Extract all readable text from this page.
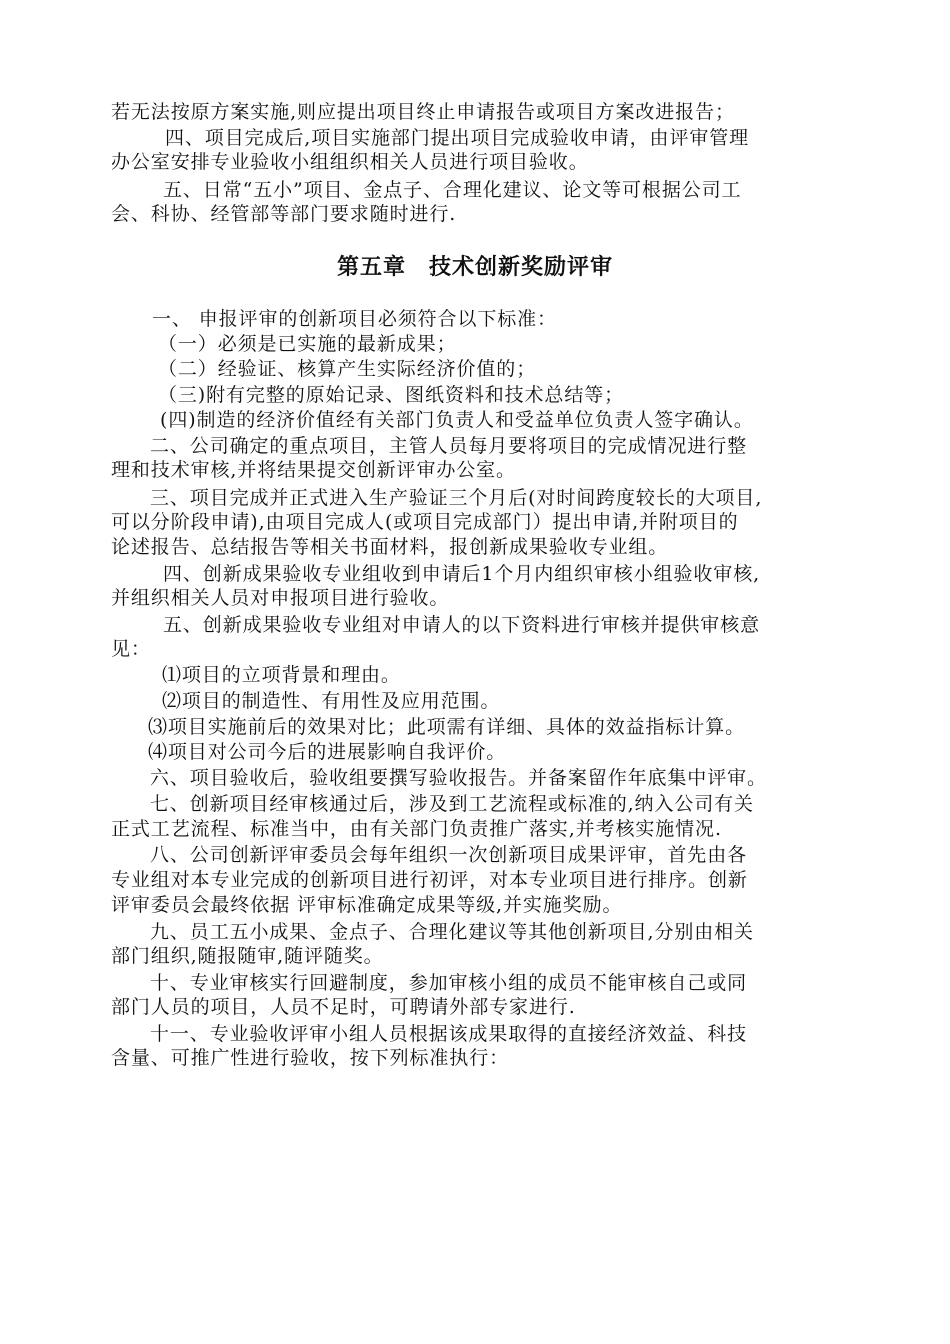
若无法按原方案实施,则应提出项目终止申请报告或项目方案改进报告；
四、项目完成后,项目实施部门提出项目完成验收申请，由评审管理
办公室安排专业验收小组组织相关人员进行项目验收。
五、日常“五小”项目、金点子、合理化建议、论文等可根据公司工
会、科协、经管部等部门要求随时进行.
第五章　技术创新奖励评审
一、 申报评审的创新项目必须符合以下标准：
（一）必须是已实施的最新成果；
（二）经验证、核算产生实际经济价值的；
（三)附有完整的原始记录、图纸资料和技术总结等；
(四)制造的经济价值经有关部门负责人和受益单位负责人签字确认。
二、公司确定的重点项目，主管人员每月要将项目的完成情况进行整
理和技术审核,并将结果提交创新评审办公室。
三、项目完成并正式进入生产验证三个月后(对时间跨度较长的大项目,
可以分阶段申请),由项目完成人(或项目完成部门）提出申请,并附项目的
论述报告、总结报告等相关书面材料，报创新成果验收专业组。
四、创新成果验收专业组收到申请后1个月内组织审核小组验收审核,
并组织相关人员对申报项目进行验收。
五、创新成果验收专业组对申请人的以下资料进行审核并提供审核意
见：
⑴项目的立项背景和理由。
⑵项目的制造性、有用性及应用范围。
⑶项目实施前后的效果对比；此项需有详细、具体的效益指标计算。
⑷项目对公司今后的进展影响自我评价。
六、项目验收后，验收组要撰写验收报告。并备案留作年底集中评审。
七、创新项目经审核通过后，涉及到工艺流程或标准的,纳入公司有关
正式工艺流程、标准当中，由有关部门负责推广落实,并考核实施情况.
八、公司创新评审委员会每年组织一次创新项目成果评审，首先由各
专业组对本专业完成的创新项目进行初评，对本专业项目进行排序。创新
评审委员会最终依据 评审标准确定成果等级,并实施奖励。
九、员工五小成果、金点子、合理化建议等其他创新项目,分别由相关
部门组织,随报随审,随评随奖。
十、专业审核实行回避制度，参加审核小组的成员不能审核自己或同
部门人员的项目，人员不足时，可聘请外部专家进行.
十一、专业验收评审小组人员根据该成果取得的直接经济效益、科技
含量、可推广性进行验收，按下列标准执行：
